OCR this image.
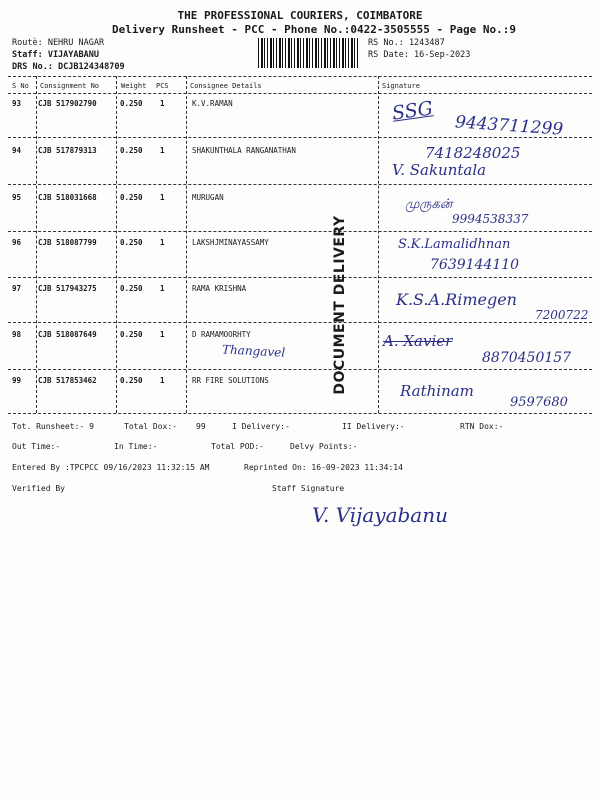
THE PROFESSIONAL COURIERS, COIMBATORE
Delivery Runsheet - PCC - Phone No.:0422-3505555 - Page No.:9
Routè: NEHRU NAGAR
Staff: VIJAYABANU
DRS No.: DCJB124348709
RS No.: 1243487
RS Date: 16-Sep-2023
S No Consignment No	Weight PCS	Consignee Details	Signature
93 CJB 517902790	0.250 1	K.V.RAMAN	SSG
9443711299
94 CJB 517879313	0.250 1	SHAKUNTHALA RANGANATHAN	7418248025
V. Sakuntala
95 CJB 518031668	0.250 1	MURUGAN	முருகன்
9994538337
96 CJB 518087799	0.250 1	LAKSHJMINAYASSAMY	S.K.Lamalidhnan
7639144110
97 CJB 517943275	0.250 1	RAMA KRISHNA
K.S.A.Rimegen
7200722
98 CJB 518087649	0.250 1	D RAMAMOORHTY
Thangavel
A. Xavier
8870450157
99 CJB 517853462	0.250 1	RR FIRE SOLUTIONS
Rathinam
9597680
DOCUMENT DELIVERY
Tot. Runsheet:- 9	Total Dox:- 99	I Delivery:-	II Delivery:-	RTN Dox:-
Out Time:-	In Time:-	Total POD:-	Delvy Points:-
Entered By :TPCPCC 09/16/2023 11:32:15 AM	Reprinted On: 16-09-2023 11:34:14
Verified By	Staff Signature
V. Vijayabanu
